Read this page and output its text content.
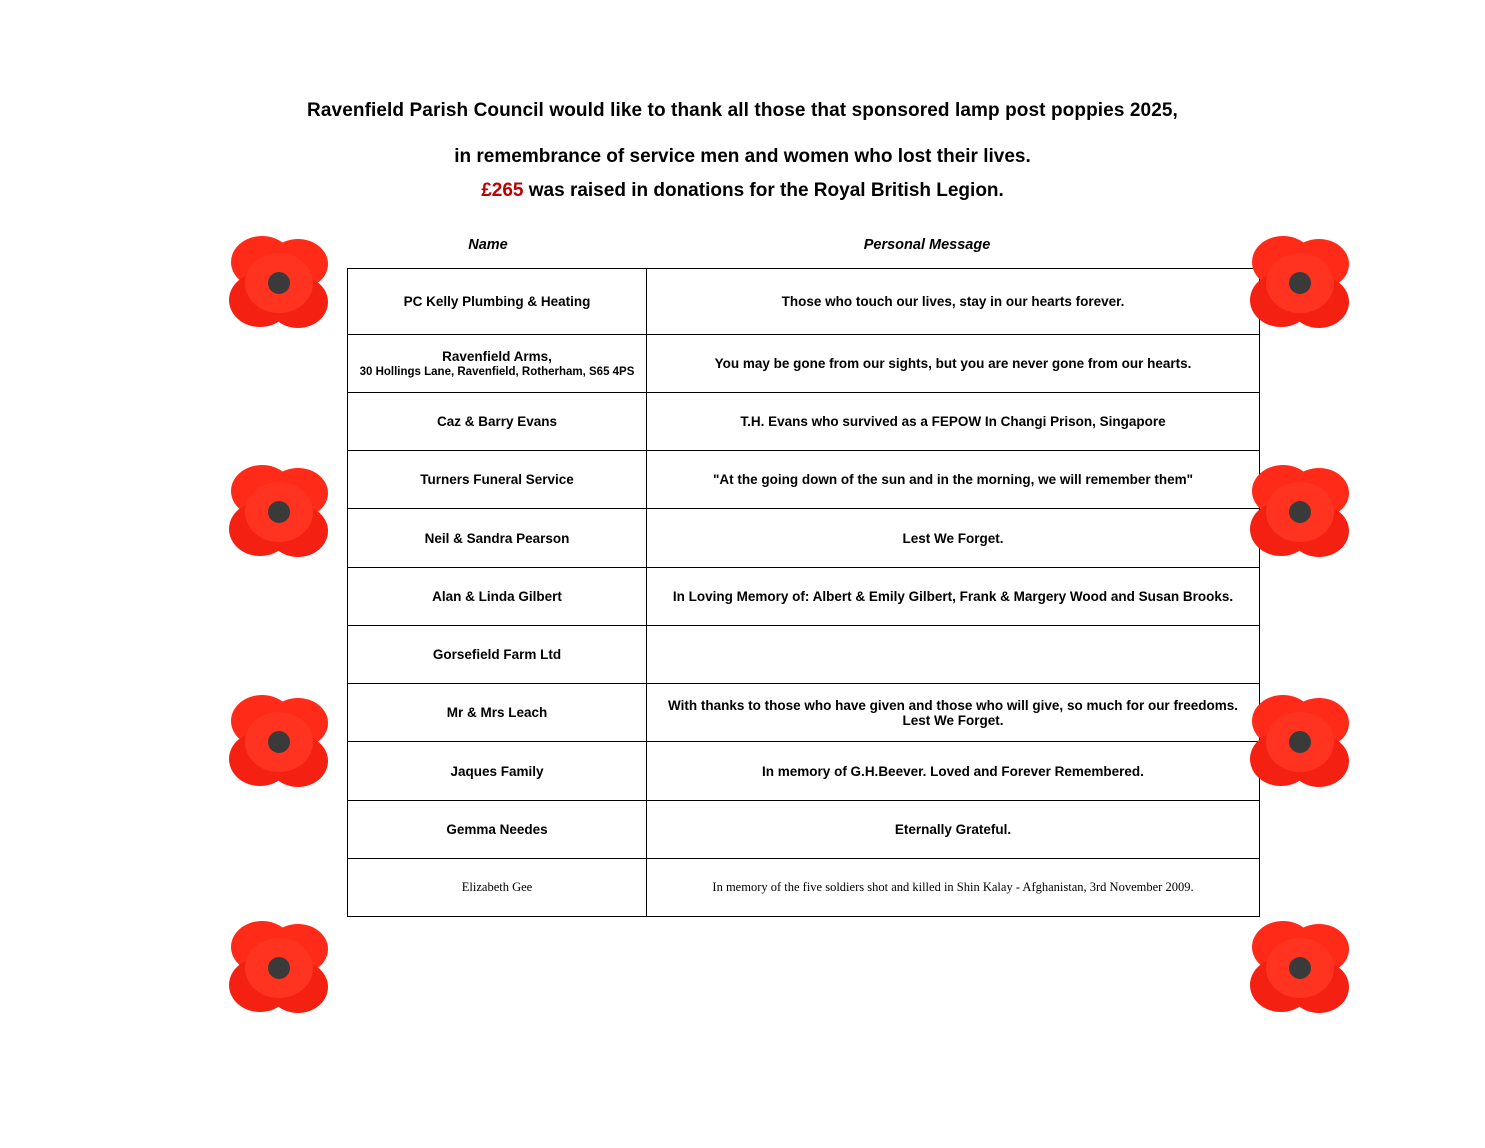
Ravenfield Parish Council would like to thank all those that sponsored lamp post poppies 2025,
in remembrance of service men and women who lost their lives.
£265 was raised in donations for the Royal British Legion.
Name	Personal Message
PC Kelly Plumbing & Heating	Those who touch our lives, stay in our hearts forever.
Ravenfield Arms,
30 Hollings Lane, Ravenfield, Rotherham, S65 4PS	You may be gone from our sights, but you are never gone from our hearts.
Caz & Barry Evans	T.H. Evans who survived as a FEPOW In Changi Prison, Singapore
Turners Funeral Service	"At the going down of the sun and in the morning, we will remember them"
Neil & Sandra Pearson	Lest We Forget.
Alan & Linda Gilbert	In Loving Memory of: Albert & Emily Gilbert, Frank & Margery Wood and Susan Brooks.
Gorsefield Farm Ltd	
Mr & Mrs Leach	With thanks to those who have given and those who will give, so much for our freedoms. Lest We Forget.
Jaques Family	In memory of G.H.Beever. Loved and Forever Remembered.
Gemma Needes	Eternally Grateful.
Elizabeth Gee	In memory of the five soldiers shot and killed in Shin Kalay - Afghanistan, 3rd November 2009.
